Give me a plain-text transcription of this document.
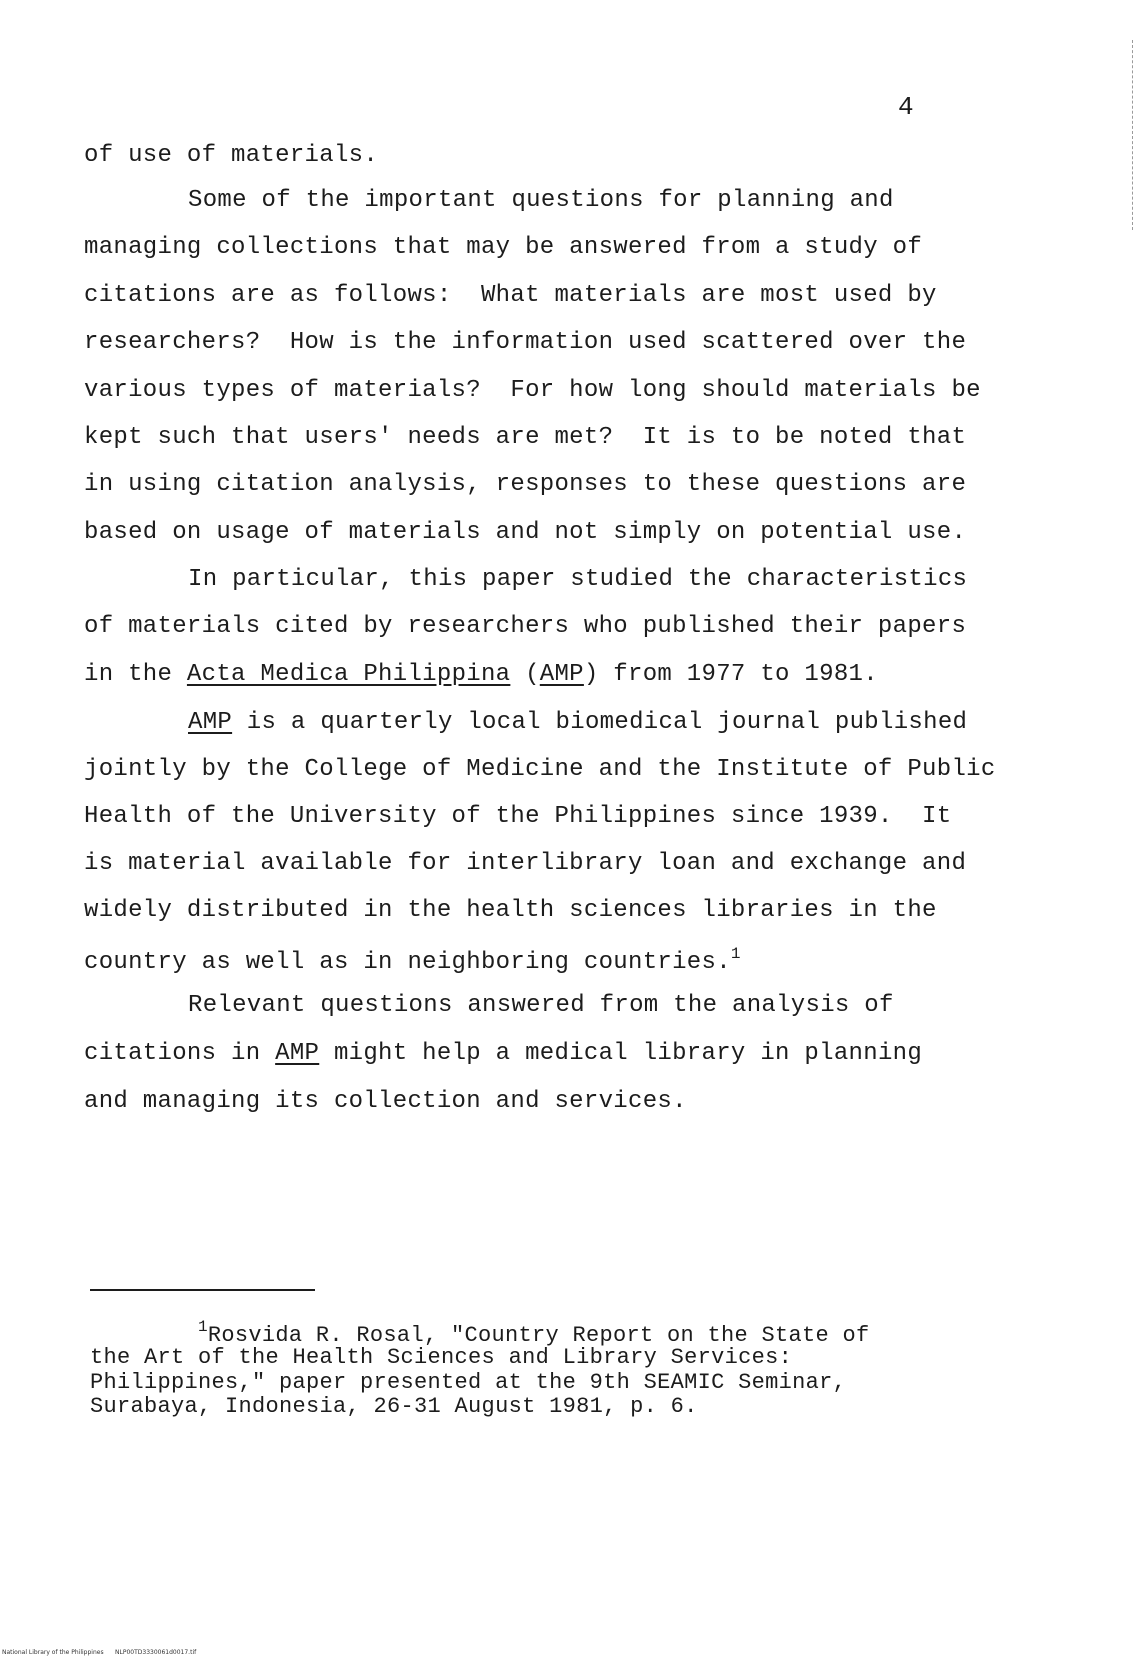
4
of use of materials.
Some of the important questions for planning and
managing collections that may be answered from a study of
citations are as follows:  What materials are most used by
researchers?  How is the information used scattered over the
various types of materials?  For how long should materials be
kept such that users' needs are met?  It is to be noted that
in using citation analysis, responses to these questions are
based on usage of materials and not simply on potential use.
In particular, this paper studied the characteristics
of materials cited by researchers who published their papers
in the Acta Medica Philippina (AMP) from 1977 to 1981.
AMP is a quarterly local biomedical journal published
jointly by the College of Medicine and the Institute of Public
Health of the University of the Philippines since 1939.  It
is material available for interlibrary loan and exchange and
widely distributed in the health sciences libraries in the
country as well as in neighboring countries.$^1$
Relevant questions answered from the analysis of
citations in AMP might help a medical library in planning
and managing its collection and services.
$^1$Rosvida R. Rosal, "Country Report on the State of
the Art of the Health Sciences and Library Services:
Philippines," paper presented at the 9th SEAMIC Seminar,
Surabaya, Indonesia, 26-31 August 1981, p. 6.
National Library of the Philippines      NLP00TD3330061d0017.tif
